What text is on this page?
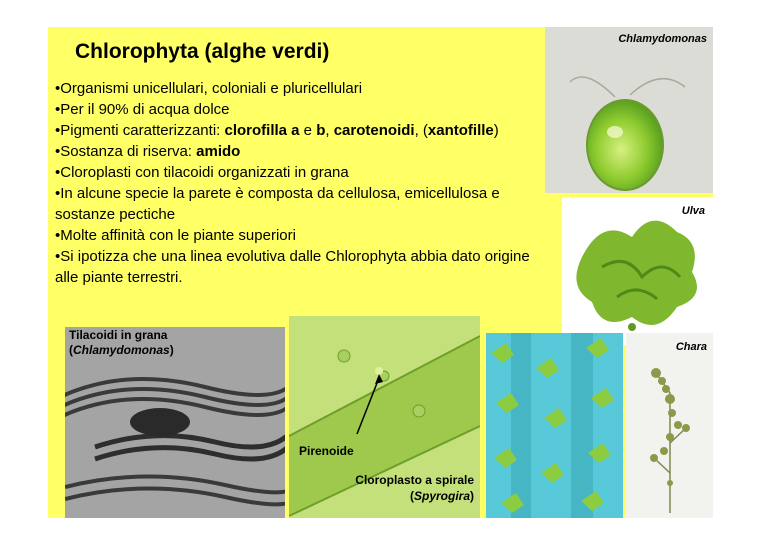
Chlorophyta (alghe verdi)

•Organismi unicellulari, coloniali e pluricellulari

•Per il 90% di acqua dolce

•Pigmenti caratterizzanti: clorofilla a e b, carotenoidi, (xantofille)

•Sostanza di riserva: amido

•Cloroplasti con tilacoidi organizzati in grana

•In alcune specie la parete è composta da cellulosa, emicellulosa e sostanze pectiche

•Molte affinità con le piante superiori

•Si ipotizza che una linea evolutiva dalle Chlorophyta abbia dato origine alle piante terrestri.

Chlamydomonas
Ulva
Tilacoidi in grana
(Chlamydomonas)
Pirenoide
Cloroplasto a spirale
(Spyrogira)
Chara
